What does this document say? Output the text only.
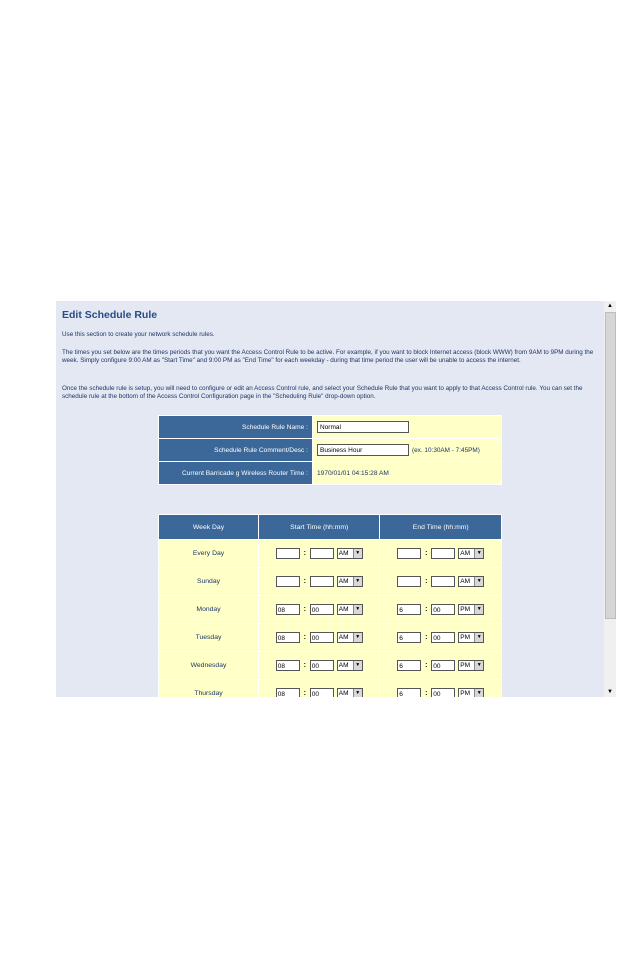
Edit Schedule Rule
Use this section to create your network schedule rules.
The times you set below are the times periods that you want the Access Control Rule to be active. For example, if you want to block Internet access (block WWW) from 9AM to 9PM during the week. Simply configure 9:00 AM as "Start Time" and 9:00 PM as "End Time" for each weekday - during that time period the user will be unable to access the internet.
Once the schedule rule is setup, you will need to configure or edit an Access Control rule, and select your Schedule Rule that you want to apply to that Access Control rule. You can set the schedule rule at the bottom of the Access Control Configuration page in the "Scheduling Rule" drop-down option.
Schedule Rule Name :	Normal
Schedule Rule Comment/Desc :	Business Hour(ex. 10:30AM - 7:45PM)
Current Barricade g Wireless Router Time :	1970/01/01 04:15:28 AM
Week Day	Start Time (hh:mm)	End Time (hh:mm)
Every Day	: AM ▼	: AM ▼

Sunday	: AM ▼	: AM ▼

Monday	08 : 00 AM ▼	6 : 00 PM ▼

Tuesday	08 : 00 AM ▼	6 : 00 PM ▼

Wednesday	08 : 00 AM ▼	6 : 00 PM ▼

Thursday	08 : 00 AM ▼	6 : 00 PM ▼
▲
▼
